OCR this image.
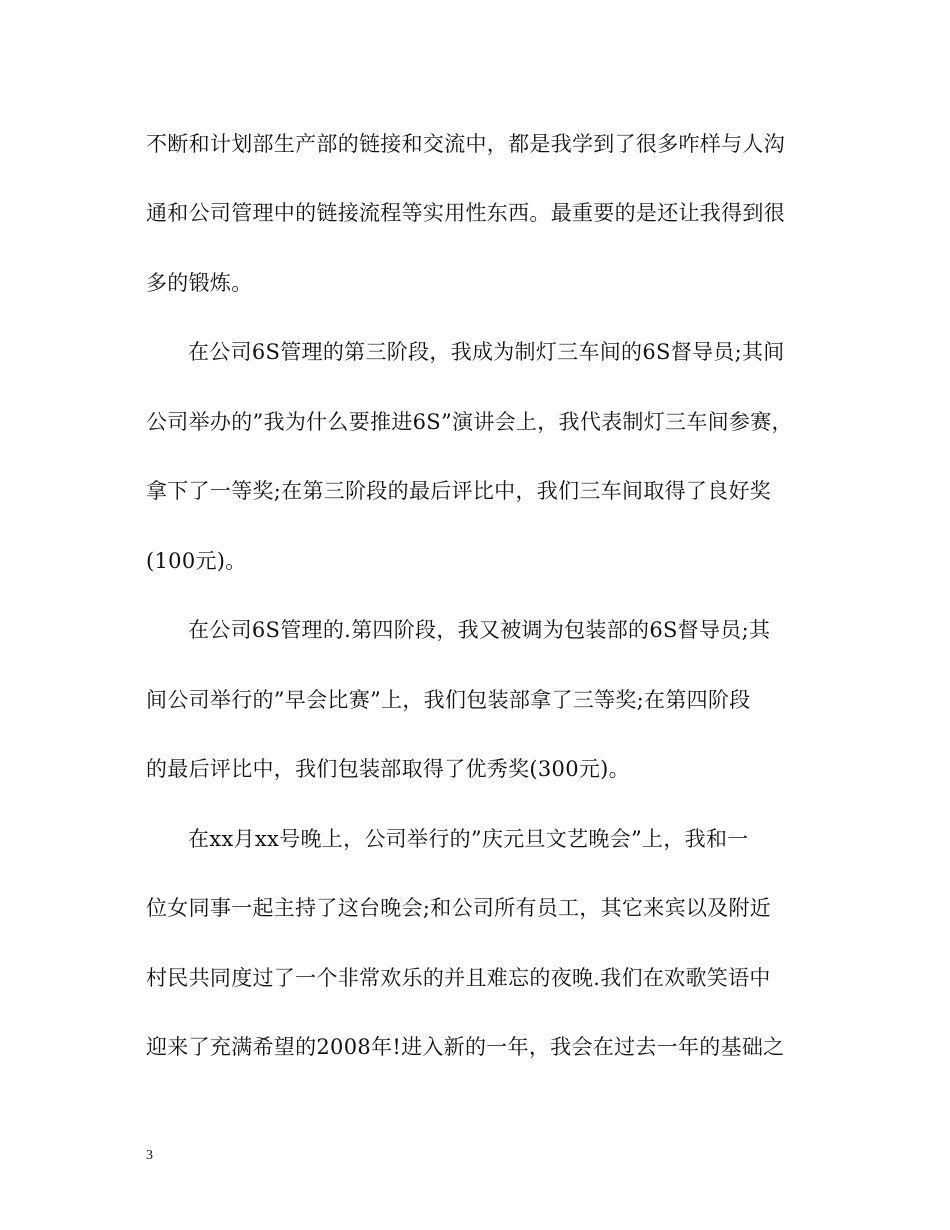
不断和计划部生产部的链接和交流中，都是我学到了很多咋样与人沟
通和公司管理中的链接流程等实用性东西。最重要的是还让我得到很
多的锻炼。
在公司6S管理的第三阶段，我成为制灯三车间的6S督导员;其间
公司举办的”我为什么要推进6S”演讲会上，我代表制灯三车间参赛，
拿下了一等奖;在第三阶段的最后评比中，我们三车间取得了良好奖
(100元)。
在公司6S管理的.第四阶段，我又被调为包装部的6S督导员;其
间公司举行的”早会比赛”上，我们包装部拿了三等奖;在第四阶段
的最后评比中，我们包装部取得了优秀奖(300元)。
在xx月xx号晚上，公司举行的”庆元旦文艺晚会”上，我和一
位女同事一起主持了这台晚会;和公司所有员工，其它来宾以及附近
村民共同度过了一个非常欢乐的并且难忘的夜晚.我们在欢歌笑语中
迎来了充满希望的2008年!进入新的一年，我会在过去一年的基础之
3
